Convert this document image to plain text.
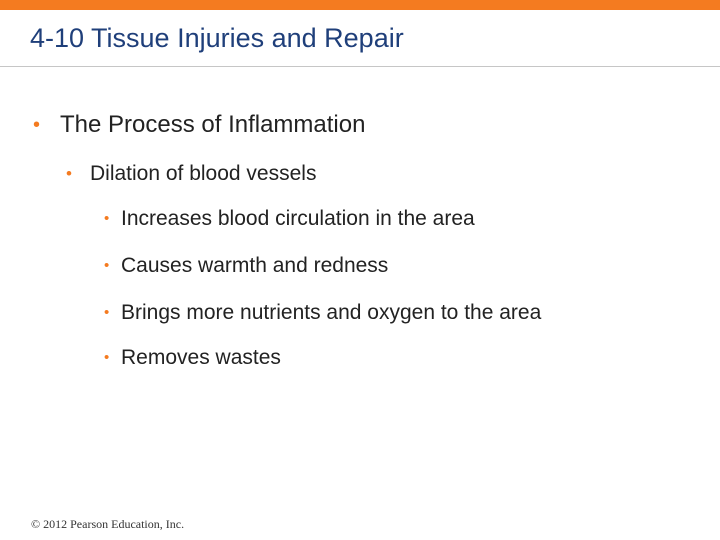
4-10 Tissue Injuries and Repair
• The Process of Inflammation
• Dilation of blood vessels
• Increases blood circulation in the area
• Causes warmth and redness
• Brings more nutrients and oxygen to the area
• Removes wastes
© 2012 Pearson Education, Inc.
